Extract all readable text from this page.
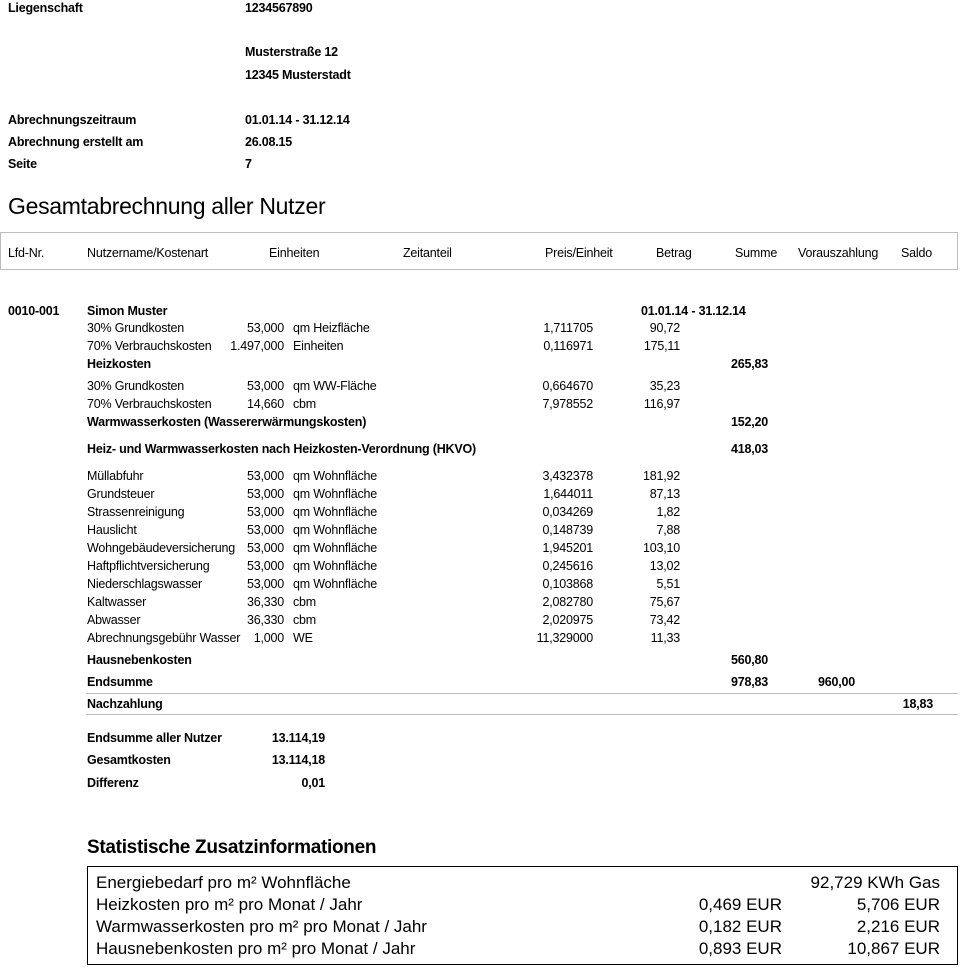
Liegenschaft	1234567890
Musterstraße 12
12345 Musterstadt
Abrechnungszeitraum	01.01.14 - 31.12.14
Abrechnung erstellt am	26.08.15
Seite	7
Gesamtabrechnung aller Nutzer
Lfd-Nr.	Nutzername/Kostenart	Einheiten	Zeitanteil	Preis/Einheit	Betrag	Summe Vorauszahlung Saldo
0010-001 Simon Muster	01.01.14 - 31.12.14
30% Grundkosten	53,000 qm Heizfläche	1,711705	90,72
70% Verbrauchskosten	1.497,000 Einheiten	0,116971	175,11
Heizkosten	265,83
30% Grundkosten	53,000 qm WW-Fläche	0,664670	35,23
70% Verbrauchskosten	14,660 cbm	7,978552	116,97
Warmwasserkosten (Wassererwärmungskosten)	152,20
Heiz- und Warmwasserkosten nach Heizkosten-Verordnung (HKVO)	418,03
Müllabfuhr	53,000 qm Wohnfläche	3,432378	181,92
Grundsteuer	53,000 qm Wohnfläche	1,644011	87,13
Strassenreinigung	53,000 qm Wohnfläche	0,034269	1,82
Hauslicht	53,000 qm Wohnfläche	0,148739	7,88
Wohngebäudeversicherung 53,000 qm Wohnfläche	1,945201	103,10
Haftpflichtversicherung	53,000 qm Wohnfläche	0,245616	13,02
Niederschlagswasser	53,000 qm Wohnfläche	0,103868	5,51
Kaltwasser	36,330 cbm	2,082780	75,67
Abwasser	36,330 cbm	2,020975	73,42
Abrechnungsgebühr Wasser	1,000 WE	11,329000	11,33
Hausnebenkosten	560,80
Endsumme	978,83	960,00
Nachzahlung	18,83
Endsumme aller Nutzer	13.114,19
Gesamtkosten	13.114,18
Differenz	0,01
Statistische Zusatzinformationen
Energiebedarf pro m² Wohnfläche	92,729 KWh Gas
Heizkosten pro m² pro Monat / Jahr	0,469 EUR	5,706 EUR
Warmwasserkosten pro m² pro Monat / Jahr	0,182 EUR	2,216 EUR
Hausnebenkosten pro m² pro Monat / Jahr	0,893 EUR	10,867 EUR
